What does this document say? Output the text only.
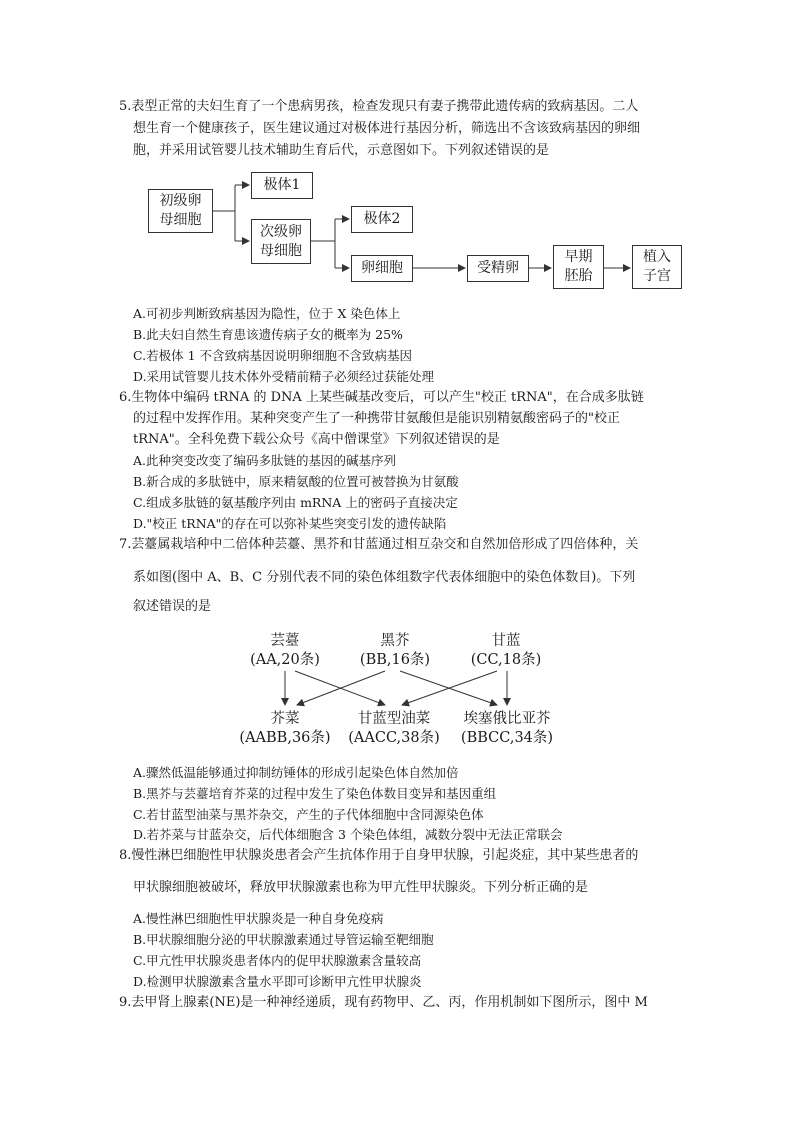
5.表型正常的夫妇生育了一个患病男孩，检查发现只有妻子携带此遗传病的致病基因。二人
想生育一个健康孩子，医生建议通过对极体进行基因分析，筛选出不含该致病基因的卵细
胞，并采用试管婴儿技术辅助生育后代，示意图如下。下列叙述错误的是
初级卵
母细胞
极体1
次级卵
母细胞
极体2
卵细胞	受精卵
早期
胚胎
植入
子宫
A.可初步判断致病基因为隐性，位于 X 染色体上
B.此夫妇自然生育患该遗传病子女的概率为 25%
C.若极体 1 不含致病基因说明卵细胞不含致病基因
D.采用试管婴儿技术体外受精前精子必须经过获能处理
6.生物体中编码 tRNA 的 DNA 上某些碱基改变后，可以产生"校正 tRNA"，在合成多肽链
的过程中发挥作用。某种突变产生了一种携带甘氨酸但是能识别精氨酸密码子的"校正
tRNA"。全科免费下载公众号《高中僧课堂》下列叙述错误的是
A.此种突变改变了编码多肽链的基因的碱基序列
B.新合成的多肽链中，原来精氨酸的位置可被替换为甘氨酸
C.组成多肽链的氨基酸序列由 mRNA 上的密码子直接决定
D."校正 tRNA"的存在可以弥补某些突变引发的遗传缺陷
7.芸薹属栽培种中二倍体种芸薹、黑芥和甘蓝通过相互杂交和自然加倍形成了四倍体种，关
系如图(图中 A、B、C 分别代表不同的染色体组数字代表体细胞中的染色体数目)。下列
叙述错误的是
芸薹
(AA,20条)
黑芥
(BB,16条)
甘蓝
(CC,18条)
芥菜
(AABB,36条)
甘蓝型油菜
(AACC,38条)
埃塞俄比亚芥
(BBCC,34条)
A.骤然低温能够通过抑制纺锤体的形成引起染色体自然加倍
B.黑芥与芸薹培育芥菜的过程中发生了染色体数目变异和基因重组
C.若甘蓝型油菜与黑芥杂交，产生的子代体细胞中含同源染色体
D.若芥菜与甘蓝杂交，后代体细胞含 3 个染色体组，减数分裂中无法正常联会
8.慢性淋巴细胞性甲状腺炎患者会产生抗体作用于自身甲状腺，引起炎症，其中某些患者的
甲状腺细胞被破坏，释放甲状腺激素也称为甲亢性甲状腺炎。下列分析正确的是
A.慢性淋巴细胞性甲状腺炎是一种自身免疫病
B.甲状腺细胞分泌的甲状腺激素通过导管运输至靶细胞
C.甲亢性甲状腺炎患者体内的促甲状腺激素含量较高
D.检测甲状腺激素含量水平即可诊断甲亢性甲状腺炎
9.去甲肾上腺素(NE)是一种神经递质，现有药物甲、乙、丙，作用机制如下图所示，图中 M
